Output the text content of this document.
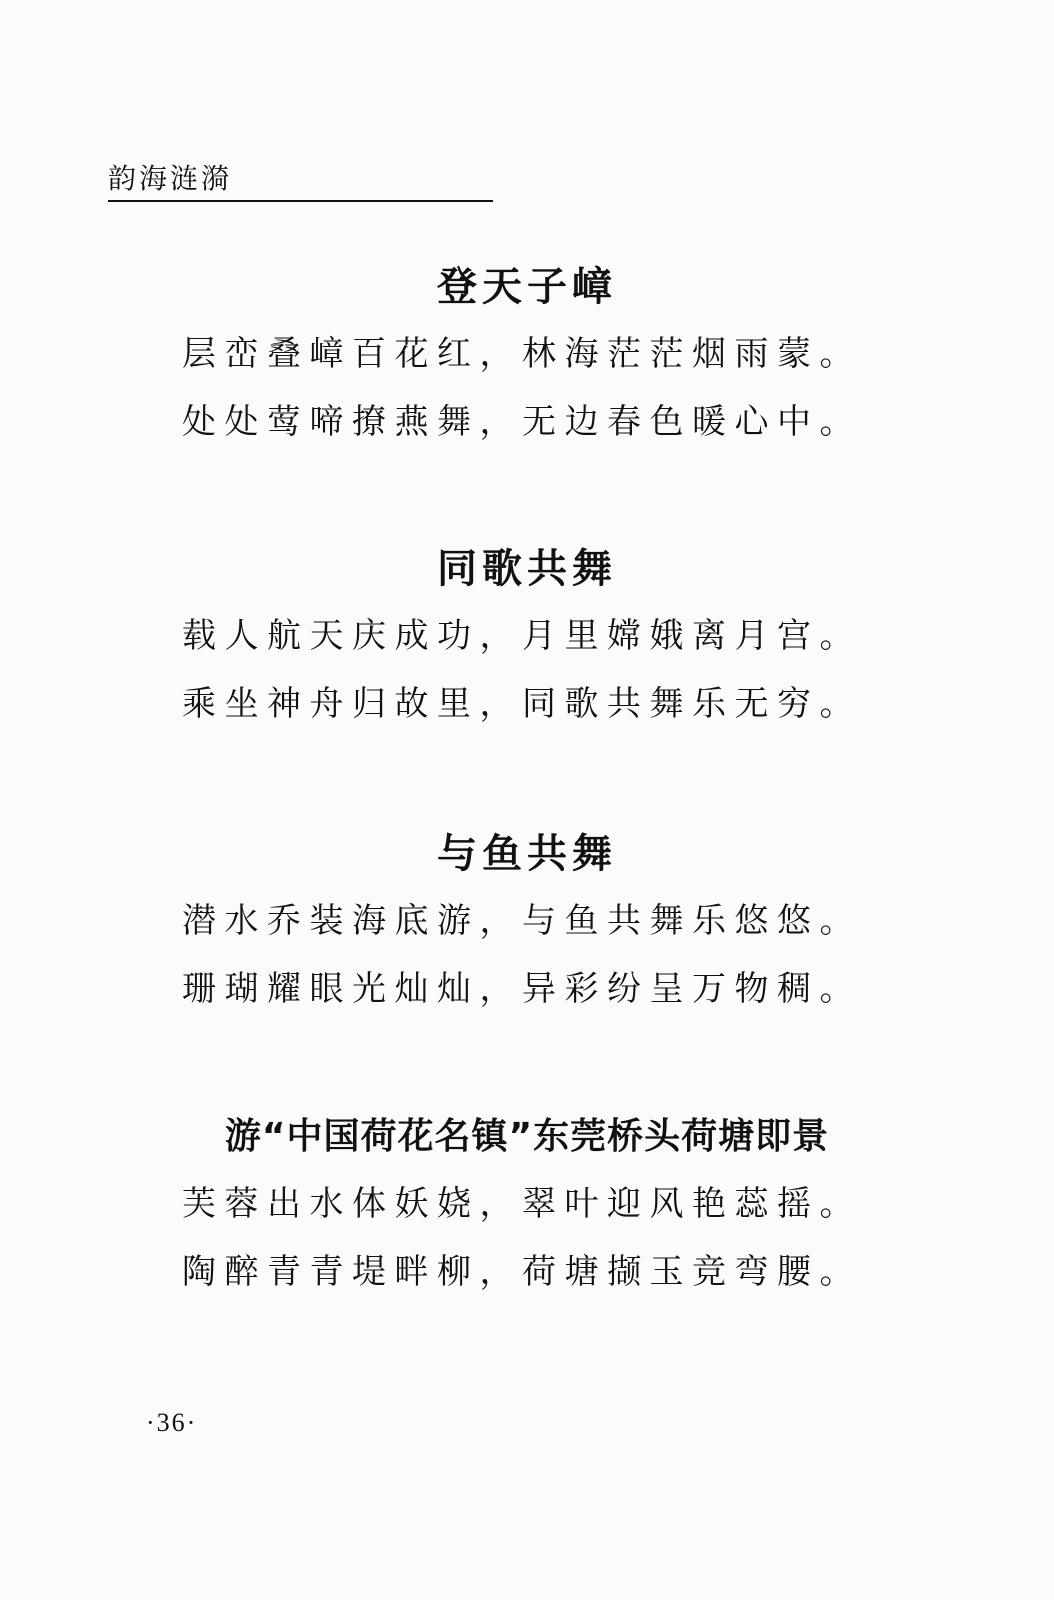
韵海涟漪
登天子嶂
层峦叠嶂百花红，林海茫茫烟雨蒙。
处处莺啼撩燕舞，无边春色暖心中。
同歌共舞
载人航天庆成功，月里嫦娥离月宫。
乘坐神舟归故里，同歌共舞乐无穷。
与鱼共舞
潜水乔装海底游，与鱼共舞乐悠悠。
珊瑚耀眼光灿灿，异彩纷呈万物稠。
游“中国荷花名镇”东莞桥头荷塘即景
芙蓉出水体妖娆，翠叶迎风艳蕊摇。
陶醉青青堤畔柳，荷塘撷玉竞弯腰。
·36·
